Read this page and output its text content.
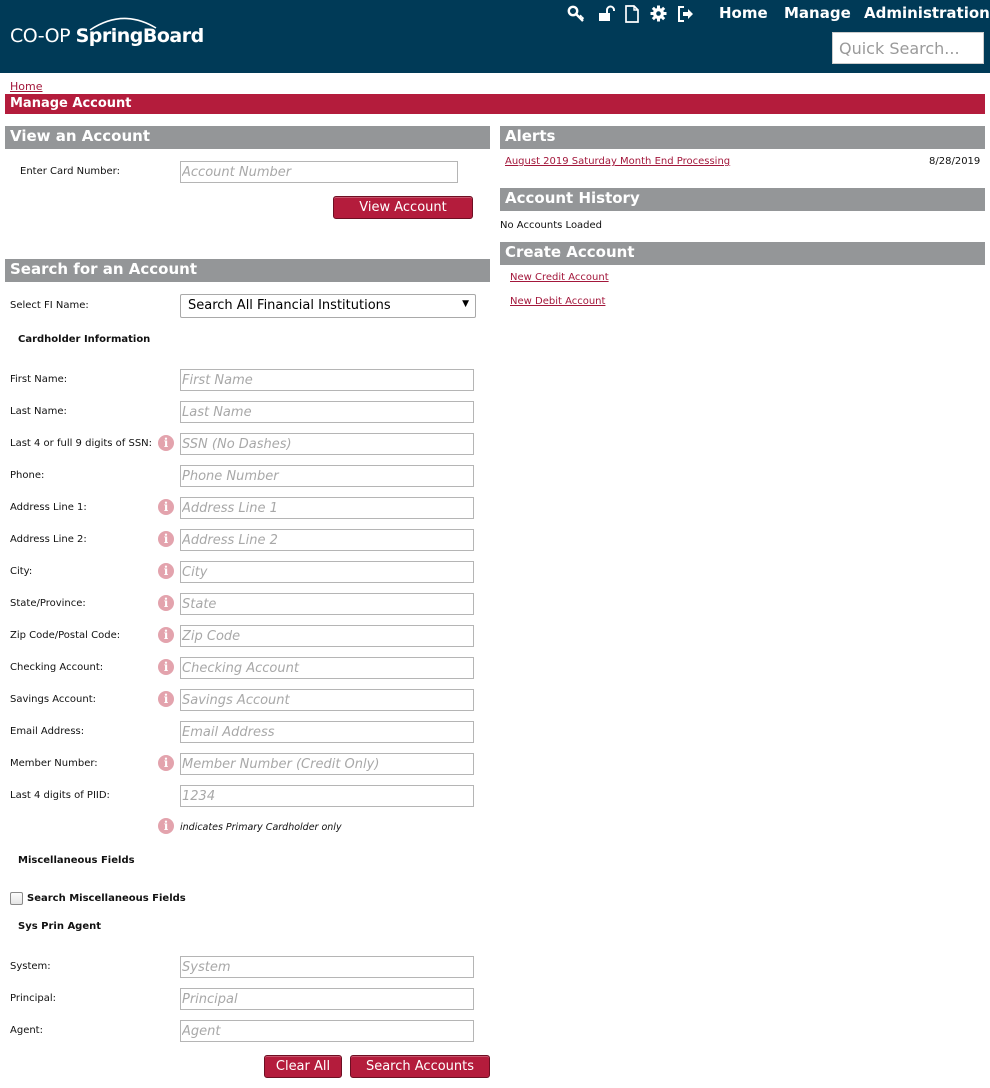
CO-OP SpringBoard
Home Manage Administration
Quick Search...
Home
Manage Account
View an Account
Enter Card Number:
Account Number
View Account
Search for an Account
Select FI Name:	Search All Financial Institutions	▼
Cardholder Information
First Name:
First Name
Last Name:
Last Name
Last 4 or full 9 digits of SSN: i
SSN (No Dashes)
Phone:
Phone Number
Address Line 1:	i
Address Line 1
Address Line 2:	i
Address Line 2
City:	i
City
State/Province:	i
State
Zip Code/Postal Code:	i
Zip Code
Checking Account:	i
Checking Account
Savings Account:	i
Savings Account
Email Address:
Email Address
Member Number:	i
Member Number (Credit Only)
Last 4 digits of PIID:
1234
i	indicates Primary Cardholder only
Miscellaneous Fields
Search Miscellaneous Fields
Sys Prin Agent
System:
System
Principal:
Principal
Agent:
Agent
Clear All	Search Accounts
Alerts
August 2019 Saturday Month End Processing	8/28/2019
Account History
No Accounts Loaded
Create Account
New Credit Account
New Debit Account
